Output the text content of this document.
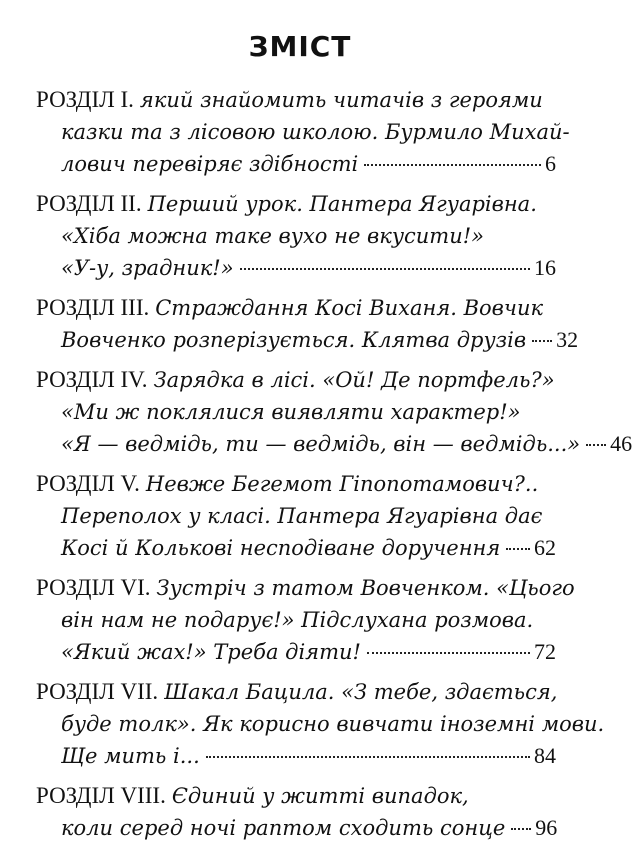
ЗМІСТ
РОЗДІЛ I. який знайомить читачів з героями
казки та з лісовою школою. Бурмило Михай-
лович перевіряє здібності	6
РОЗДІЛ II. Перший урок. Пантера Ягуарівна.
«Хіба можна таке вухо не вкусити!»
«У-у, зрадник!»	16
РОЗДІЛ III. Страждання Косі Виханя. Вовчик
Вовченко розперізується. Клятва друзів 32
РОЗДІЛ IV. Зарядка в лісі. «Ой! Де портфель?»
«Ми ж поклялися виявляти характер!»
«Я — ведмідь, ти — ведмідь, він — ведмідь...» 46
РОЗДІЛ V. Невже Бегемот Гіпопотамович?..
Переполох у класі. Пантера Ягуарівна дає
Косі й Колькові несподіване доручення 62
РОЗДІЛ VI. Зустріч з татом Вовченком. «Цього
він нам не подарує!» Підслухана розмова.
«Який жах!» Треба діяти!	72
РОЗДІЛ VII. Шакал Бацила. «З тебе, здається,
буде толк». Як корисно вивчати іноземні мови.
Ще мить і...	84
РОЗДІЛ VIII. Єдиний у житті випадок,
коли серед ночі раптом сходить сонце 96
